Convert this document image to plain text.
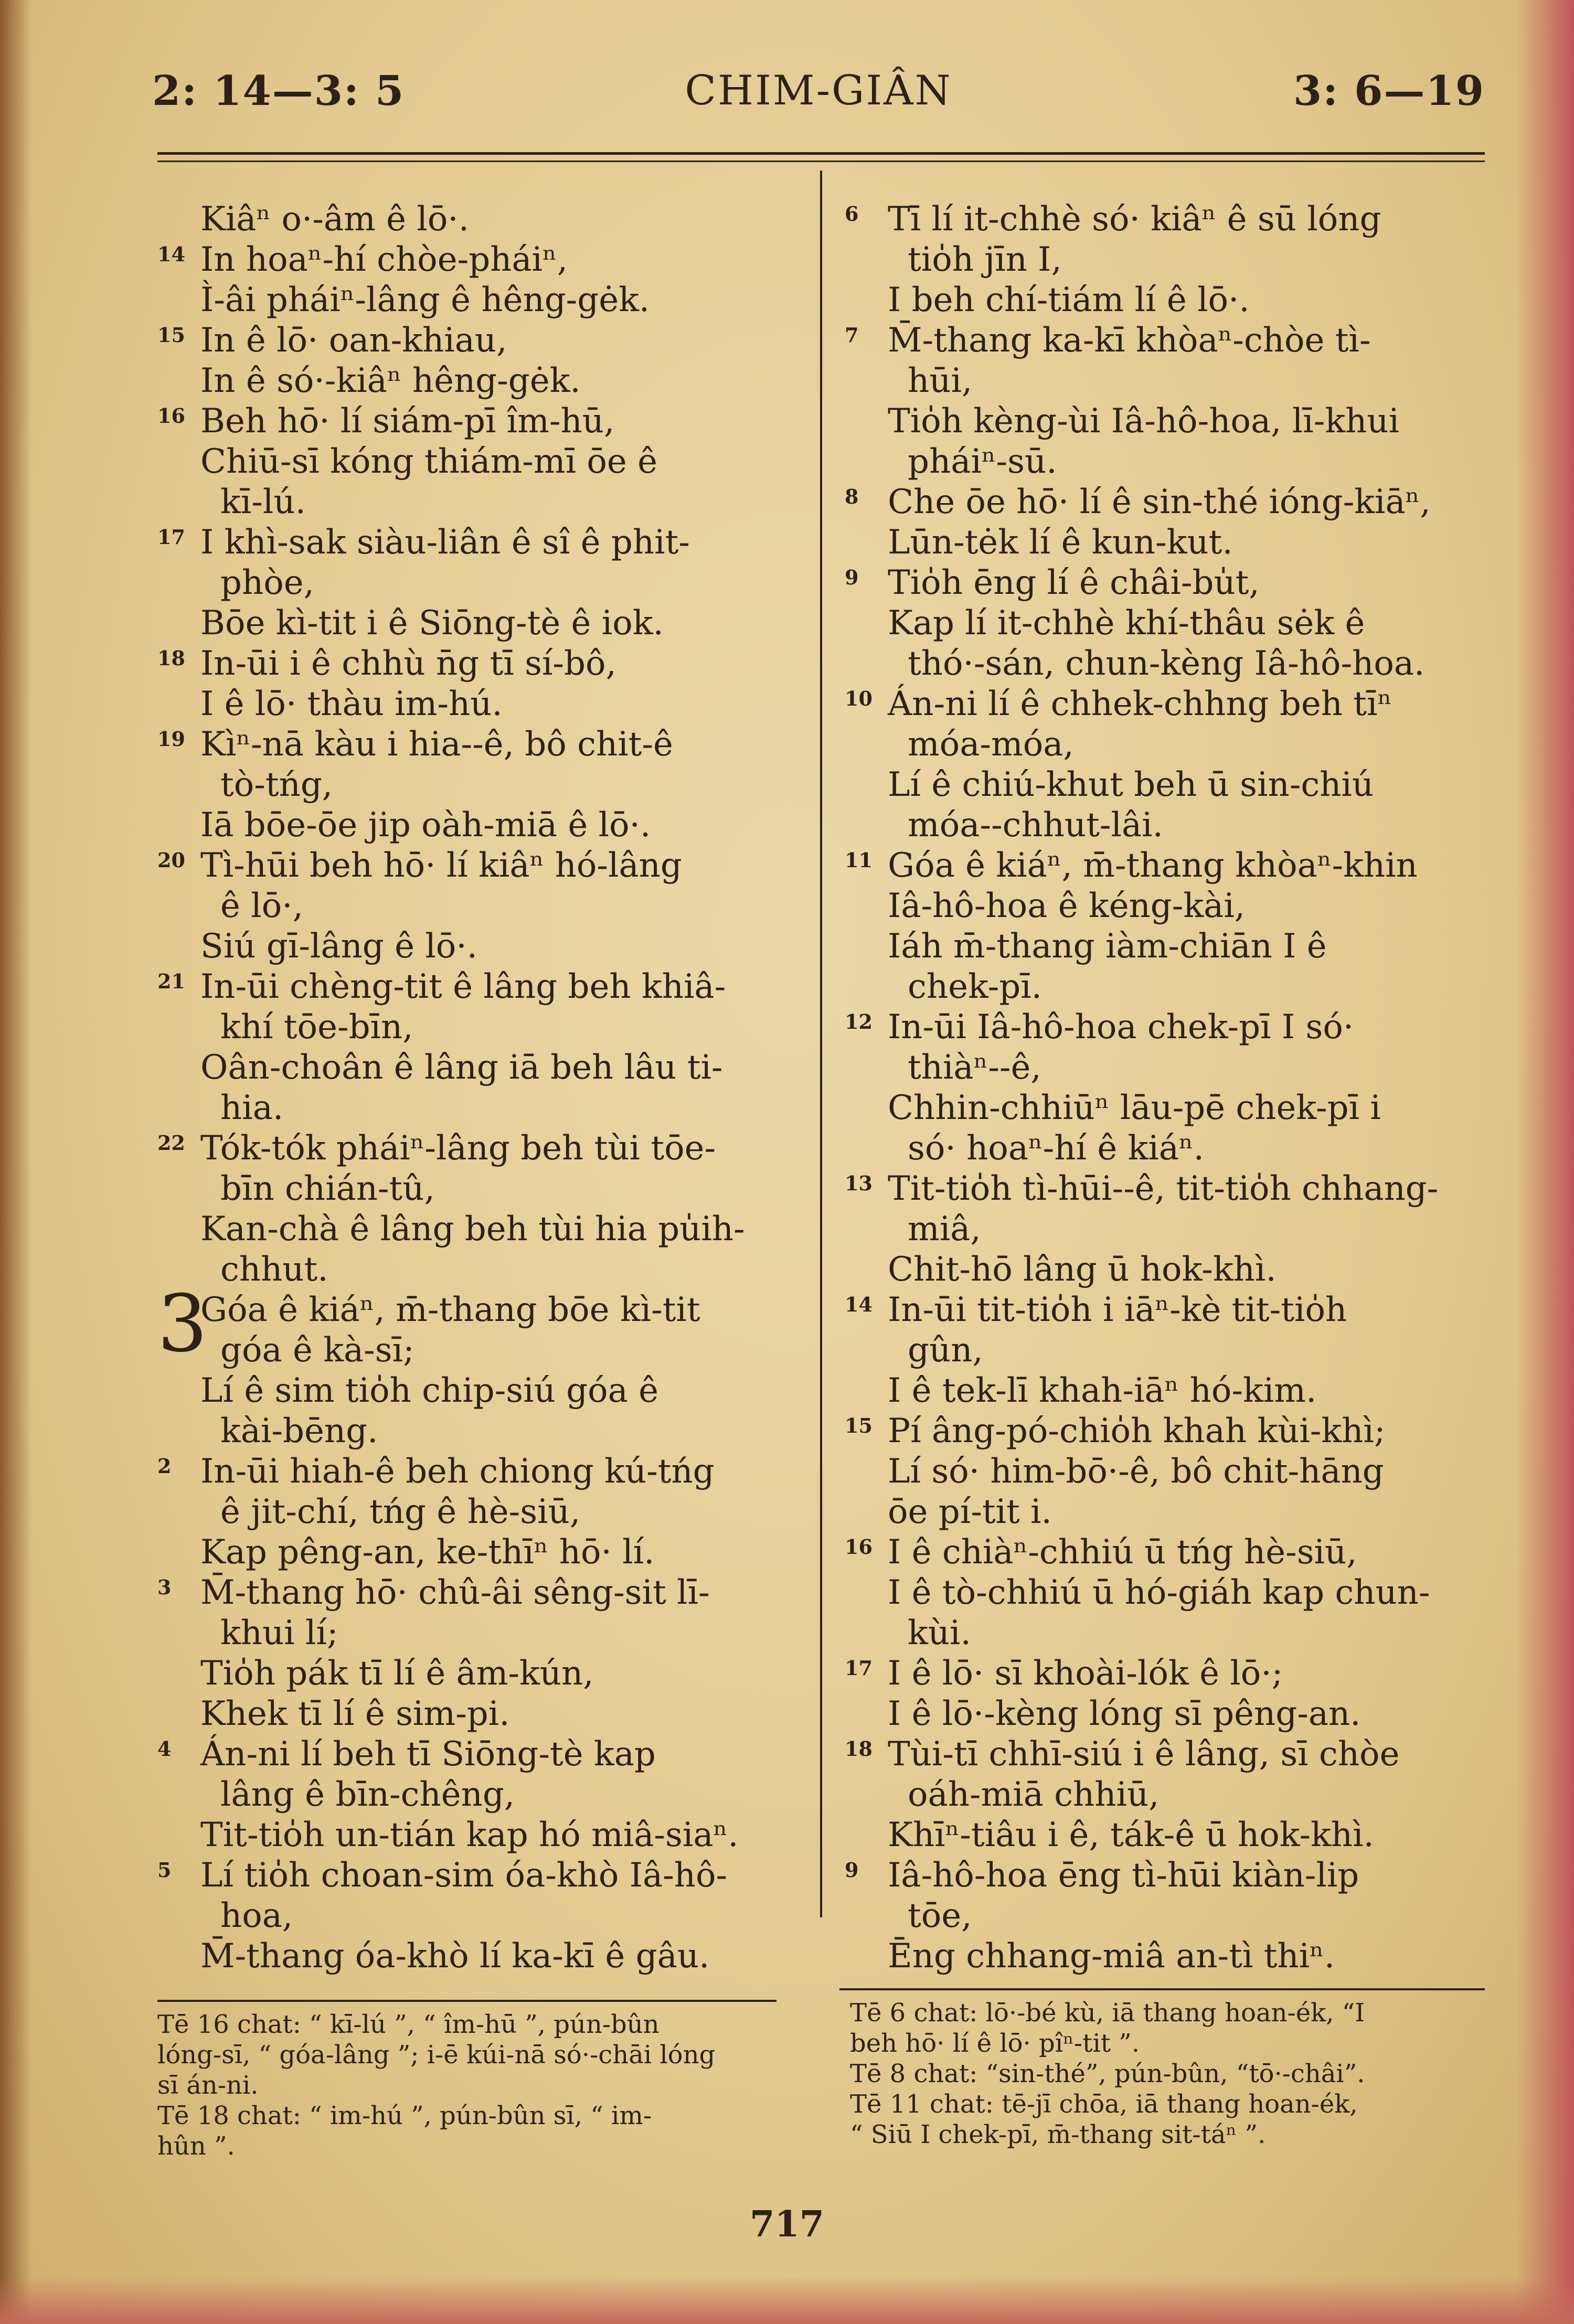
2: 14—3: 5	CHIM-GIÂN	3: 6—19
Kiâⁿ o·-âm ê lō·.
14 In hoaⁿ-hí chòe-pháiⁿ,
Ì-âi pháiⁿ-lâng ê hêng-gėk.
15 In ê lō· oan-khiau,
In ê só·-kiâⁿ hêng-gėk.
16 Beh hō· lí siám-pī îm-hū,
Chiū-sī kóng thiám-mī ōe ê
kī-lú.
17 I khì-sak siàu-liân ê sî ê phit-
phòe,
Bōe kì-tit i ê Siōng-tè ê iok.
18 In-ūi i ê chhù n̄g tī sí-bô,
I ê lō· thàu im-hú.
19 Kìⁿ-nā kàu i hia--ê, bô chit-ê
tò-tńg,
Iā bōe-ōe jip oàh-miā ê lō·.
20 Tì-hūi beh hō· lí kiâⁿ hó-lâng
ê lō·,
Siú gī-lâng ê lō·.
21 In-ūi chèng-tit ê lâng beh khiâ-
khí tōe-bīn,
Oân-choân ê lâng iā beh lâu ti-
hia.
22 Tók-tók pháiⁿ-lâng beh tùi tōe-
bīn chián-tû,
Kan-chà ê lâng beh tùi hia pu̍ih-
chhut.
3
Góa ê kiáⁿ, m̄-thang bōe kì-tit
góa ê kà-sī;
Lí ê sim tio̍h chip-siú góa ê
kài-bēng.
2 In-ūi hiah-ê beh chiong kú-tńg
ê jit-chí, tńg ê hè-siū,
Kap pêng-an, ke-thīⁿ hō· lí.
3 M̄-thang hō· chû-âi sêng-sit lī-
khui lí;
Tio̍h pák tī lí ê âm-kún,
Khek tī lí ê sim-pi.
4 Án-ni lí beh tī Siōng-tè kap
lâng ê bīn-chêng,
Tit-tio̍h un-tián kap hó miâ-siaⁿ.
5 Lí tio̍h choan-sim óa-khò Iâ-hô-
hoa,
M̄-thang óa-khò lí ka-kī ê gâu.
6 Tī lí it-chhè só· kiâⁿ ê sū lóng
tio̍h jīn I,
I beh chí-tiám lí ê lō·.
7 M̄-thang ka-kī khòaⁿ-chòe tì-
hūi,
Tio̍h kèng-ùi Iâ-hô-hoa, lī-khui
pháiⁿ-sū.
8 Che ōe hō· lí ê sin-thé ióng-kiāⁿ,
Lūn-tėk lí ê kun-kut.
9 Tio̍h ēng lí ê châi-bu̍t,
Kap lí it-chhè khí-thâu sėk ê
thó·-sán, chun-kèng Iâ-hô-hoa.
10 Án-ni lí ê chhek-chhng beh tīⁿ
móa-móa,
Lí ê chiú-khut beh ū sin-chiú
móa--chhut-lâi.
11 Góa ê kiáⁿ, m̄-thang khòaⁿ-khin
Iâ-hô-hoa ê kéng-kài,
Iáh m̄-thang iàm-chiān I ê
chek-pī.
12 In-ūi Iâ-hô-hoa chek-pī I só·
thiàⁿ--ê,
Chhin-chhiūⁿ lāu-pē chek-pī i
só· hoaⁿ-hí ê kiáⁿ.
13 Tit-tio̍h tì-hūi--ê, tit-tio̍h chhang-
miâ,
Chit-hō lâng ū hok-khì.
14 In-ūi tit-tio̍h i iāⁿ-kè tit-tio̍h
gûn,
I ê tek-lī khah-iāⁿ hó-kim.
15 Pí âng-pó-chio̍h khah kùi-khì;
Lí só· him-bō·-ê, bô chit-hāng
ōe pí-tit i.
16 I ê chiàⁿ-chhiú ū tńg hè-siū,
I ê tò-chhiú ū hó-giáh kap chun-
kùi.
17 I ê lō· sī khoài-lók ê lō·;
I ê lō·-kèng lóng sī pêng-an.
18 Tùi-tī chhī-siú i ê lâng, sī chòe
oáh-miā chhiū,
Khīⁿ-tiâu i ê, ták-ê ū hok-khì.
9 Iâ-hô-hoa ēng tì-hūi kiàn-lip
tōe,
Ēng chhang-miâ an-tì thiⁿ.
Tē 16 chat: “ kī-lú ”, “ îm-hū ”, pún-bûn
lóng-sī, “ góa-lâng ”; i-ē kúi-nā só·-chāi lóng
sī án-ni.
Tē 18 chat: “ im-hú ”, pún-bûn sī, “ im-
hûn ”.
Tē 6 chat: lō·-bé kù, iā thang hoan-ék, “I
beh hō· lí ê lō· pîⁿ-tit ”.
Tē 8 chat: “sin-thé”, pún-bûn, “tō·-châi”.
Tē 11 chat: tē-jī chōa, iā thang hoan-ék,
“ Siū I chek-pī, m̄-thang sit-táⁿ ”.
717
